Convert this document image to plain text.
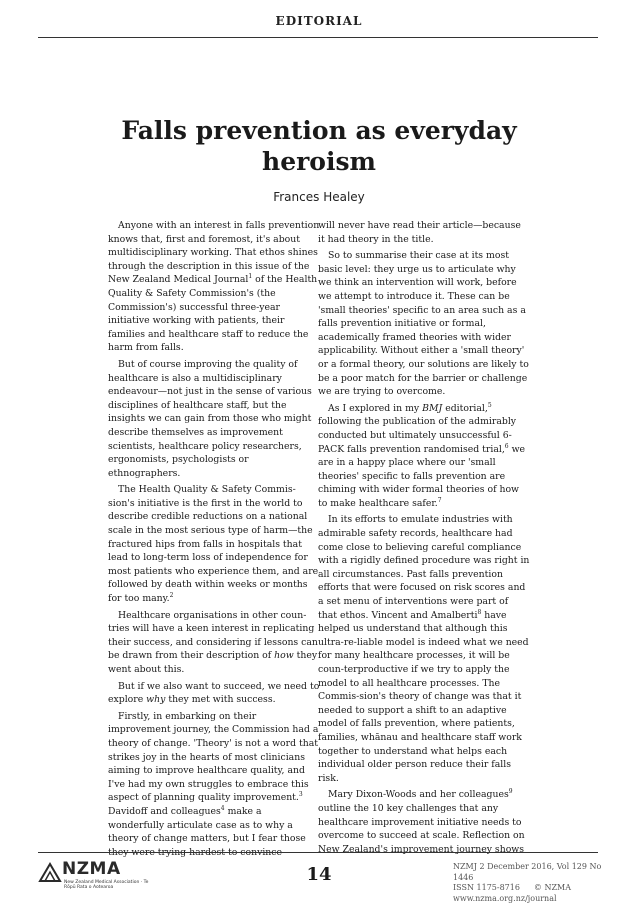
EDITORIAL
Falls prevention as everyday
heroism
Frances Healey

Anyone with an interest in falls prevention knows that, first and foremost, it's about multidisciplinary working. That ethos shines through the description in this issue of the New Zealand Medical Journal$^1$ of the Health Quality & Safety Commission's (the Commission's) successful three-year initiative working with patients, their families and healthcare staff to reduce the harm from falls.

But of course improving the quality of healthcare is also a multidisciplinary endeavour—not just in the sense of various disciplines of healthcare staff, but the insights we can gain from those who might describe themselves as improvement scientists, healthcare policy researchers, ergonomists, psychologists or ethnographers.

The Health Quality & Safety Commis-sion's initiative is the first in the world to describe credible reductions on a national scale in the most serious type of harm—the fractured hips from falls in hospitals that lead to long-term loss of independence for most patients who experience them, and are followed by death within weeks or months for too many.$^2$

Healthcare organisations in other coun-tries will have a keen interest in replicating their success, and considering if lessons can be drawn from their description of how they went about this.

But if we also want to succeed, we need to explore why they met with success.

Firstly, in embarking on their improvement journey, the Commission had a theory of change. 'Theory' is not a word that strikes joy in the hearts of most clinicians aiming to improve healthcare quality, and I've had my own struggles to embrace this aspect of planning quality improvement.$^3$ Davidoff and colleagues$^4$ make a wonderfully articulate case as to why a theory of change matters, but I fear those they were trying hardest to convince

will never have read their article—because it had theory in the title.

So to summarise their case at its most basic level: they urge us to articulate why we think an intervention will work, before we attempt to introduce it. These can be 'small theories' specific to an area such as a falls prevention initiative or formal, academically framed theories with wider applicability. Without either a 'small theory' or a formal theory, our solutions are likely to be a poor match for the barrier or challenge we are trying to overcome.

As I explored in my BMJ editorial,$^5$ following the publication of the admirably conducted but ultimately unsuccessful 6-PACK falls prevention randomised trial,$^6$ we are in a happy place where our 'small theories' specific to falls prevention are chiming with wider formal theories of how to make healthcare safer.$^7$

In its efforts to emulate industries with admirable safety records, healthcare had come close to believing careful compliance with a rigidly defined procedure was right in all circumstances. Past falls prevention efforts that were focused on risk scores and a set menu of interventions were part of that ethos. Vincent and Amalberti$^8$ have helped us understand that although this ultra-re-liable model is indeed what we need for many healthcare processes, it will be coun-terproductive if we try to apply the model to all healthcare processes. The Commis-sion's theory of change was that it needed to support a shift to an adaptive model of falls prevention, where patients, families, whānau and healthcare staff work together to understand what helps each individual older person reduce their falls risk.

Mary Dixon-Woods and her colleagues$^9$ outline the 10 key challenges that any healthcare improvement initiative needs to overcome to succeed at scale. Reflection on New Zealand's improvement journey shows

NZMA
New Zealand Medical Association · Te Rōpū Rata o Aotearoa
14	NZMJ 2 December 2016, Vol 129 No 1446
ISSN 1175-8716 © NZMA
www.nzma.org.nz/journal
